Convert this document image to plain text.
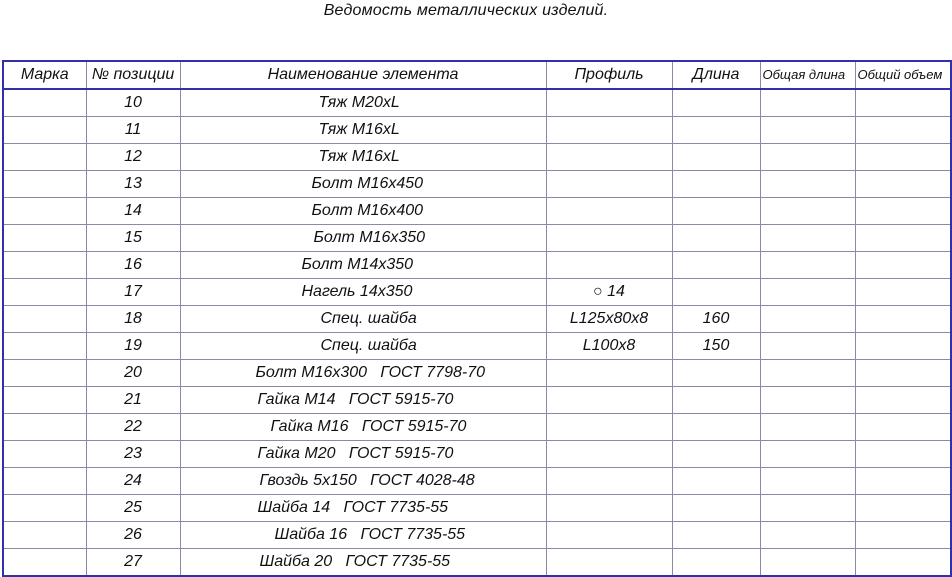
Ведомость металлических изделий.
Марка	№ позиции	Наименование элемента	Профиль	Длина	Общая длина	Общий объем
	10	Тяж М20xL				
	11	Тяж М16xL				
	12	Тяж М16xL				
	13	Болт М16x450				
	14	Болт М16x400				
	15	Болт М16x350				
	16	Болт М14x350				
	17	Нагель 14x350	○ 14			
	18	Спец. шайба	L125x80x8	160		
	19	Спец. шайба	L100x8	150		
	20	Болт М16x300   ГОСТ 7798-70				
	21	Гайка М14   ГОСТ 5915-70				
	22	Гайка М16   ГОСТ 5915-70				
	23	Гайка М20   ГОСТ 5915-70				
	24	Гвоздь 5x150   ГОСТ 4028-48				
	25	Шайба 14   ГОСТ 7735-55				
	26	Шайба 16   ГОСТ 7735-55				
	27	Шайба 20   ГОСТ 7735-55				
